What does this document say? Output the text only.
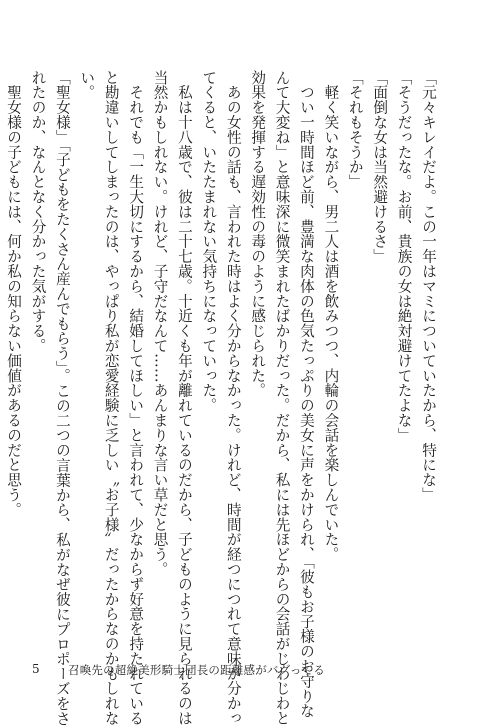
「元々キレイだよ。この一年はマミについていたから、特にな」

「そうだったな。お前、貴族の女は絶対避けてたよな」

「面倒な女は当然避けるさ」

「それもそうか」

　軽く笑いながら、男二人は酒を飲みつつ、内輪の会話を楽しんでいた。

　つい一時間ほど前、豊満な肉体の色気たっぷりの美女に声をかけられ、「彼もお子様のお守りな

んて大変ね」と意味深に微笑まれたばかりだった。だから、私には先ほどからの会話がじわじわと

効果を発揮する遅効性の毒のように感じられた。

　あの女性の話も、言われた時はよく分からなかった。けれど、時間が経つにつれて意味が分かっ

てくると、いたたまれない気持ちになっていった。

　私は十八歳で、彼は二十七歳。十近くも年が離れているのだから、子どものように見られるのは

当然かもしれない。けれど、子守だなんて……あんまりな言い草だと思う。

　それでも「一生大切にするから、結婚してほしい」と言われて、少なからず好意を持たれている

と勘違いしてしまったのは、やっぱり私が恋愛経験に乏しい〝お子様〟だったからなのかもしれな

い。

「聖女様」「子どもをたくさん産んでもらう」。この二つの言葉から、私がなぜ彼にプロポーズをさ

れたのか、なんとなく分かった気がする。

　聖女様の子どもには、何か私の知らない価値があるのだと思う。

5 召喚先の超絶美形騎士団長の距離感がバグってる
